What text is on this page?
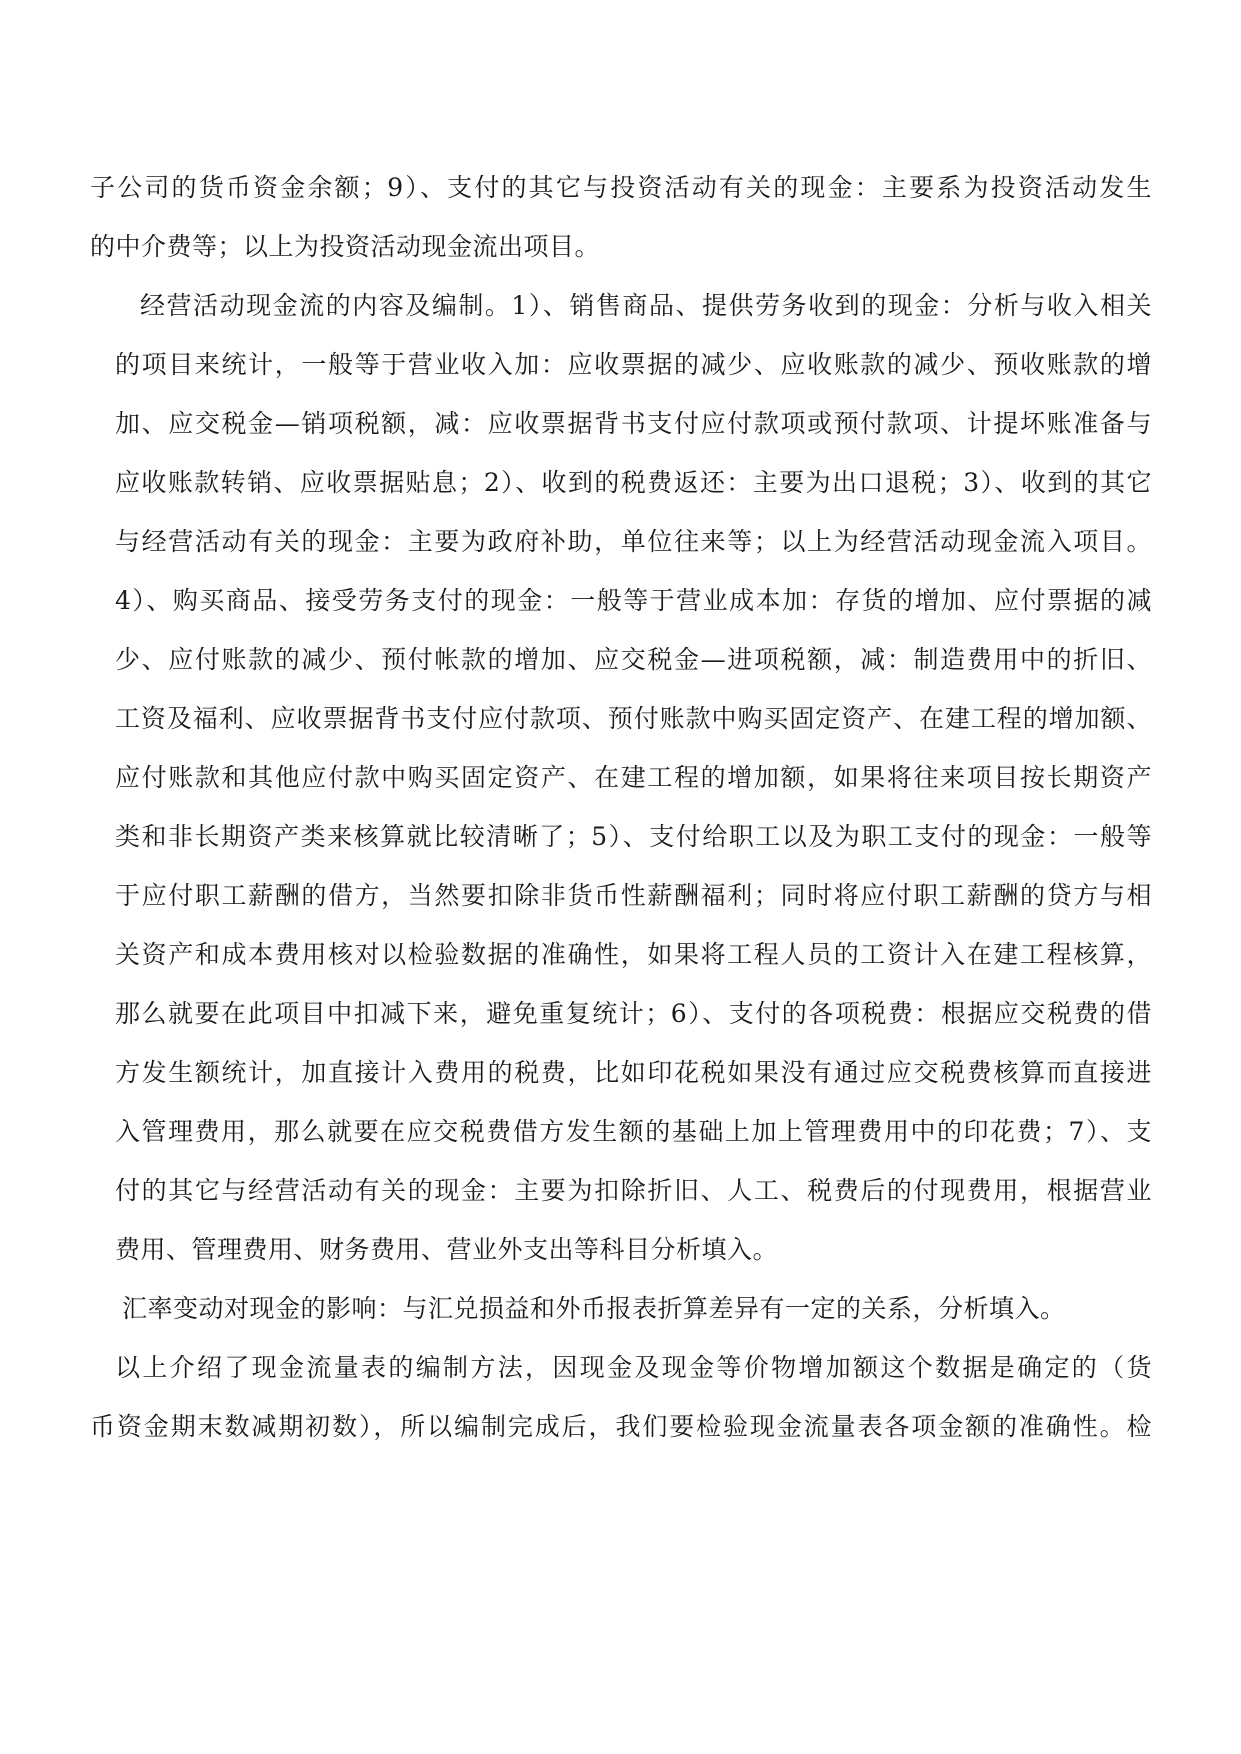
子公司的货币资金余额；9）、支付的其它与投资活动有关的现金：主要系为投资活动发生
的中介费等；以上为投资活动现金流出项目。

经营活动现金流的内容及编制。1）、销售商品、提供劳务收到的现金：分析与收入相关
的项目来统计，一般等于营业收入加：应收票据的减少、应收账款的减少、预收账款的增
加、应交税金—销项税额，减：应收票据背书支付应付款项或预付款项、计提坏账准备与
应收账款转销、应收票据贴息；2）、收到的税费返还：主要为出口退税；3）、收到的其它
与经营活动有关的现金：主要为政府补助，单位往来等；以上为经营活动现金流入项目。
4）、购买商品、接受劳务支付的现金：一般等于营业成本加：存货的增加、应付票据的减
少、应付账款的减少、预付帐款的增加、应交税金—进项税额，减：制造费用中的折旧、
工资及福利、应收票据背书支付应付款项、预付账款中购买固定资产、在建工程的增加额、
应付账款和其他应付款中购买固定资产、在建工程的增加额，如果将往来项目按长期资产
类和非长期资产类来核算就比较清晰了；5）、支付给职工以及为职工支付的现金：一般等
于应付职工薪酬的借方，当然要扣除非货币性薪酬福利；同时将应付职工薪酬的贷方与相
关资产和成本费用核对以检验数据的准确性，如果将工程人员的工资计入在建工程核算，
那么就要在此项目中扣减下来，避免重复统计；6）、支付的各项税费：根据应交税费的借
方发生额统计，加直接计入费用的税费，比如印花税如果没有通过应交税费核算而直接进
入管理费用，那么就要在应交税费借方发生额的基础上加上管理费用中的印花费；7）、支
付的其它与经营活动有关的现金：主要为扣除折旧、人工、税费后的付现费用，根据营业
费用、管理费用、财务费用、营业外支出等科目分析填入。

汇率变动对现金的影响：与汇兑损益和外币报表折算差异有一定的关系，分析填入。

以上介绍了现金流量表的编制方法，因现金及现金等价物增加额这个数据是确定的（货
币资金期末数减期初数），所以编制完成后，我们要检验现金流量表各项金额的准确性。检
